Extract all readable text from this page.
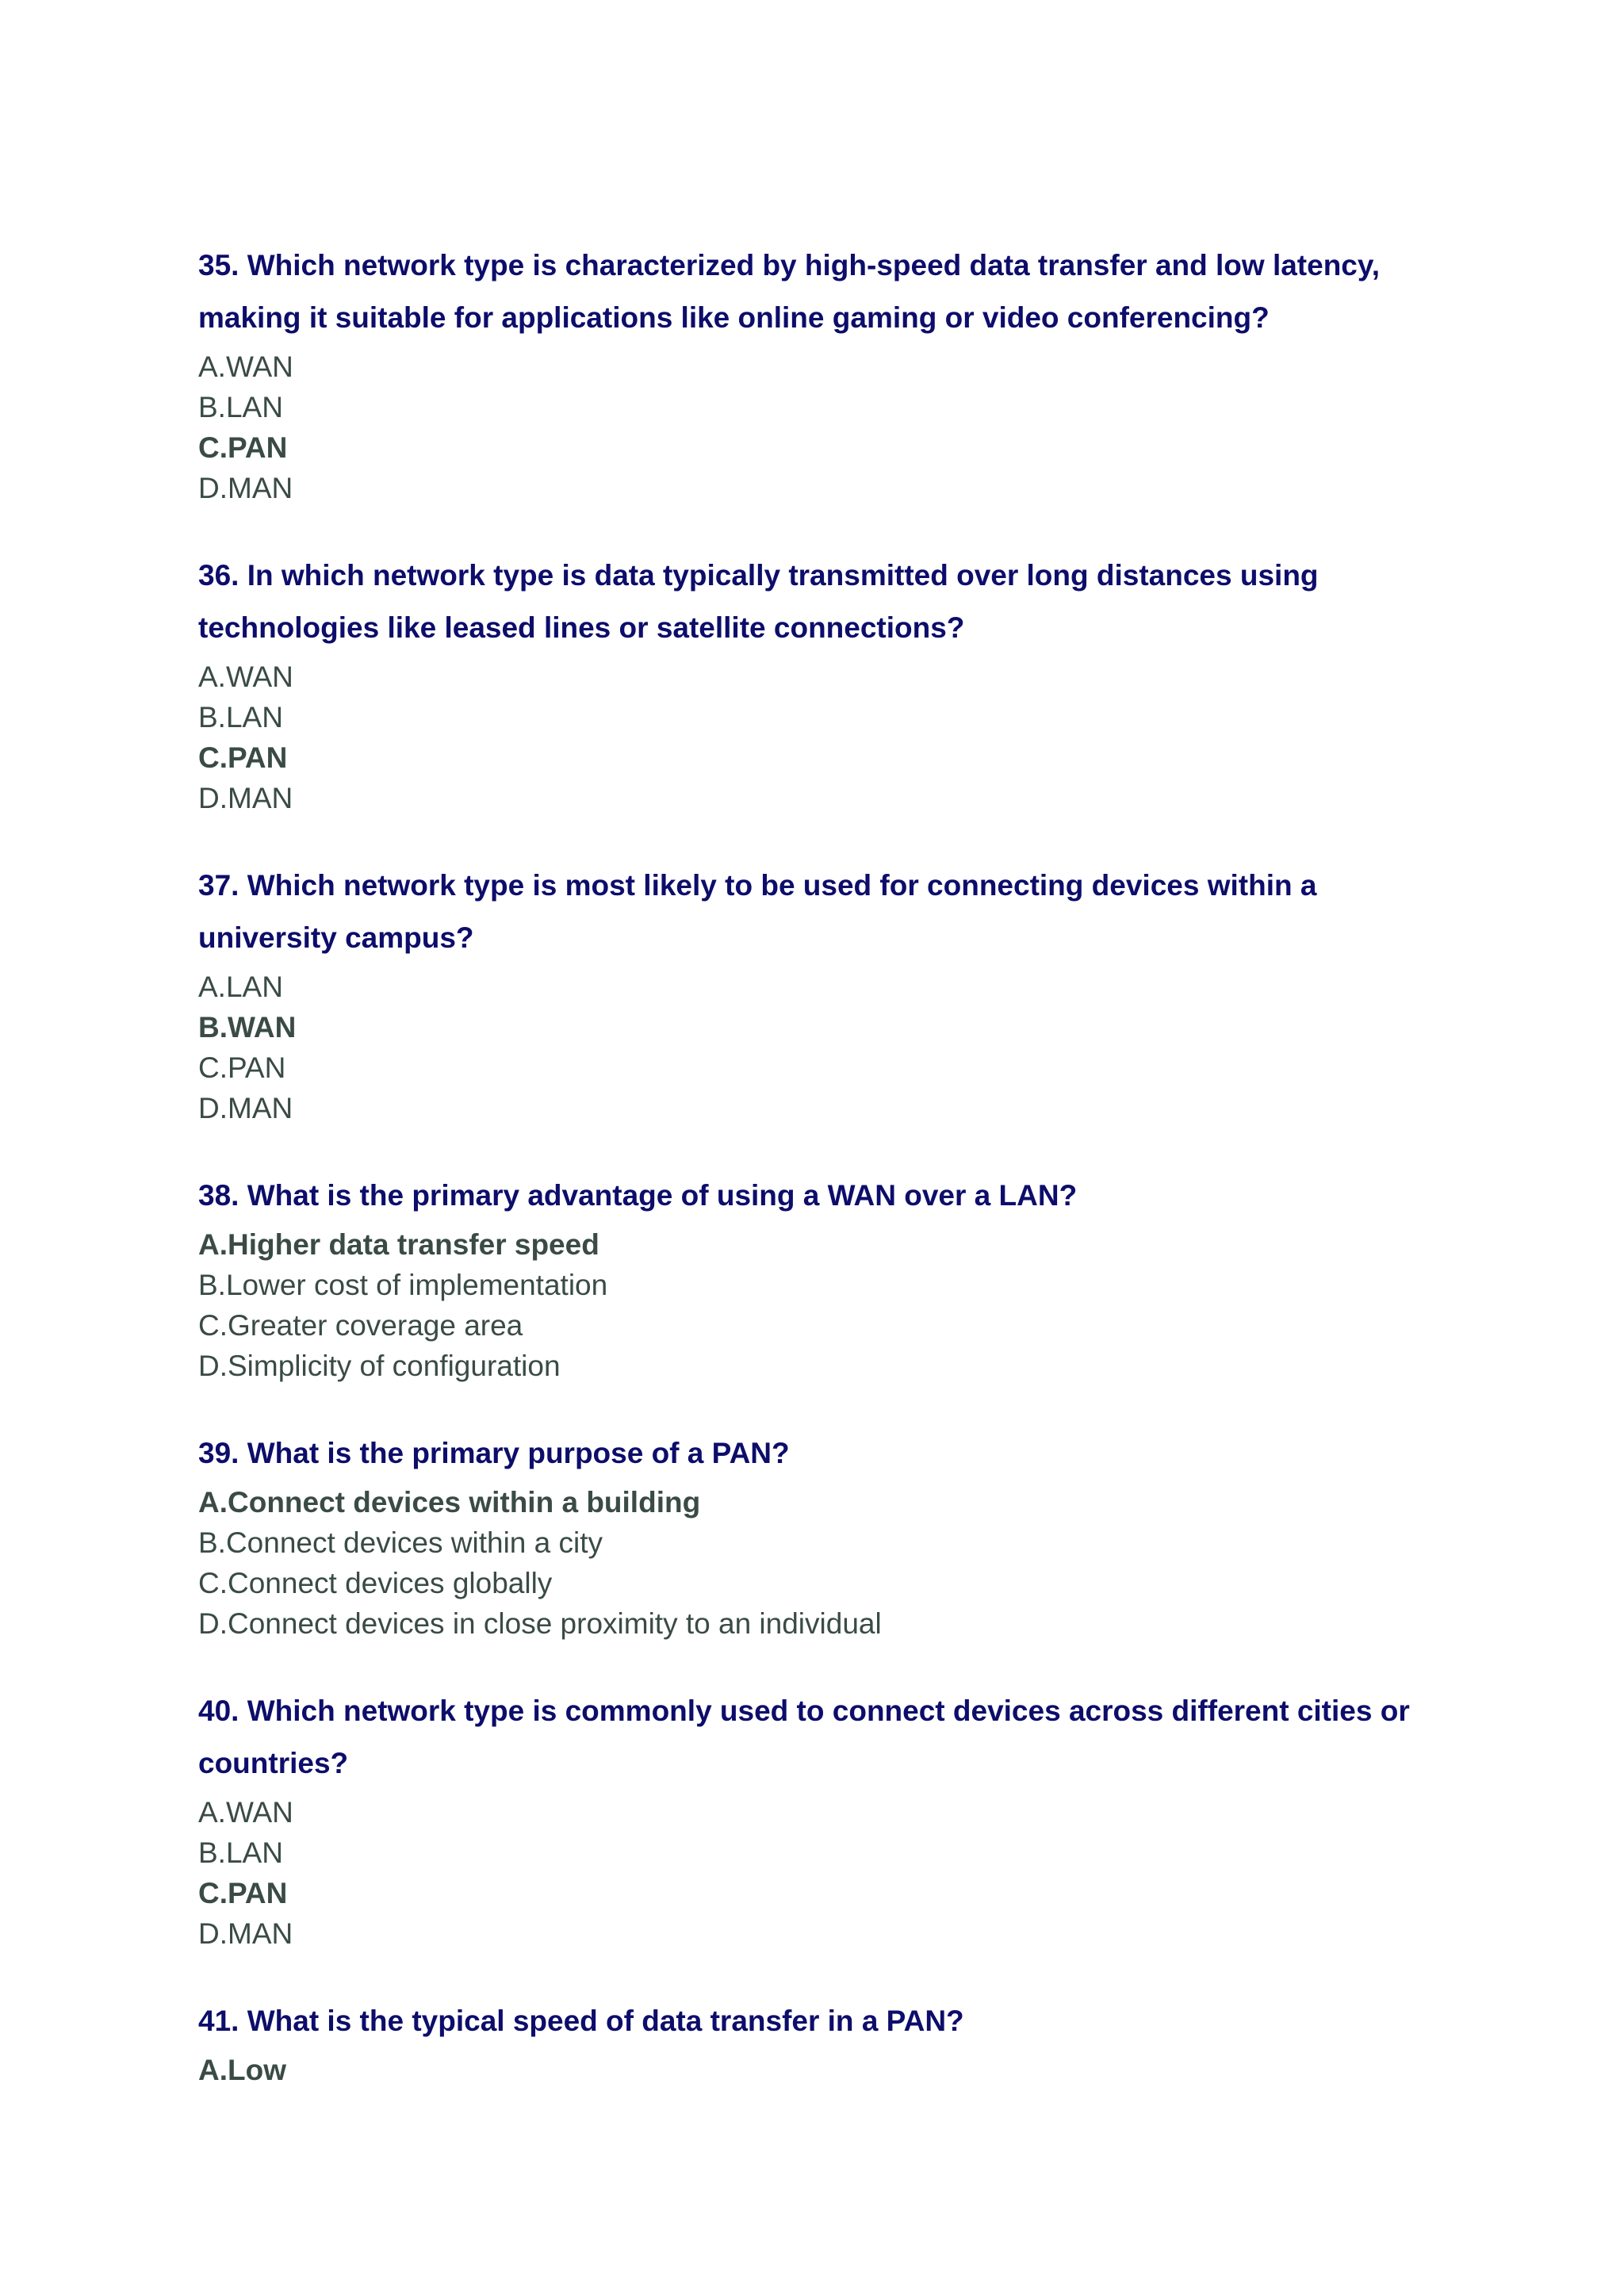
35. Which network type is characterized by high-speed data transfer and low latency, making it suitable for applications like online gaming or video conferencing?

A.WAN
B.LAN
C.PAN
D.MAN

36. In which network type is data typically transmitted over long distances using technologies like leased lines or satellite connections?

A.WAN
B.LAN
C.PAN
D.MAN

37. Which network type is most likely to be used for connecting devices within a university campus?

A.LAN
B.WAN
C.PAN
D.MAN

38. What is the primary advantage of using a WAN over a LAN?

A.Higher data transfer speed
B.Lower cost of implementation
C.Greater coverage area
D.Simplicity of configuration

39. What is the primary purpose of a PAN?

A.Connect devices within a building
B.Connect devices within a city
C.Connect devices globally
D.Connect devices in close proximity to an individual

40. Which network type is commonly used to connect devices across different cities or countries?

A.WAN
B.LAN
C.PAN
D.MAN

41. What is the typical speed of data transfer in a PAN?

A.Low
